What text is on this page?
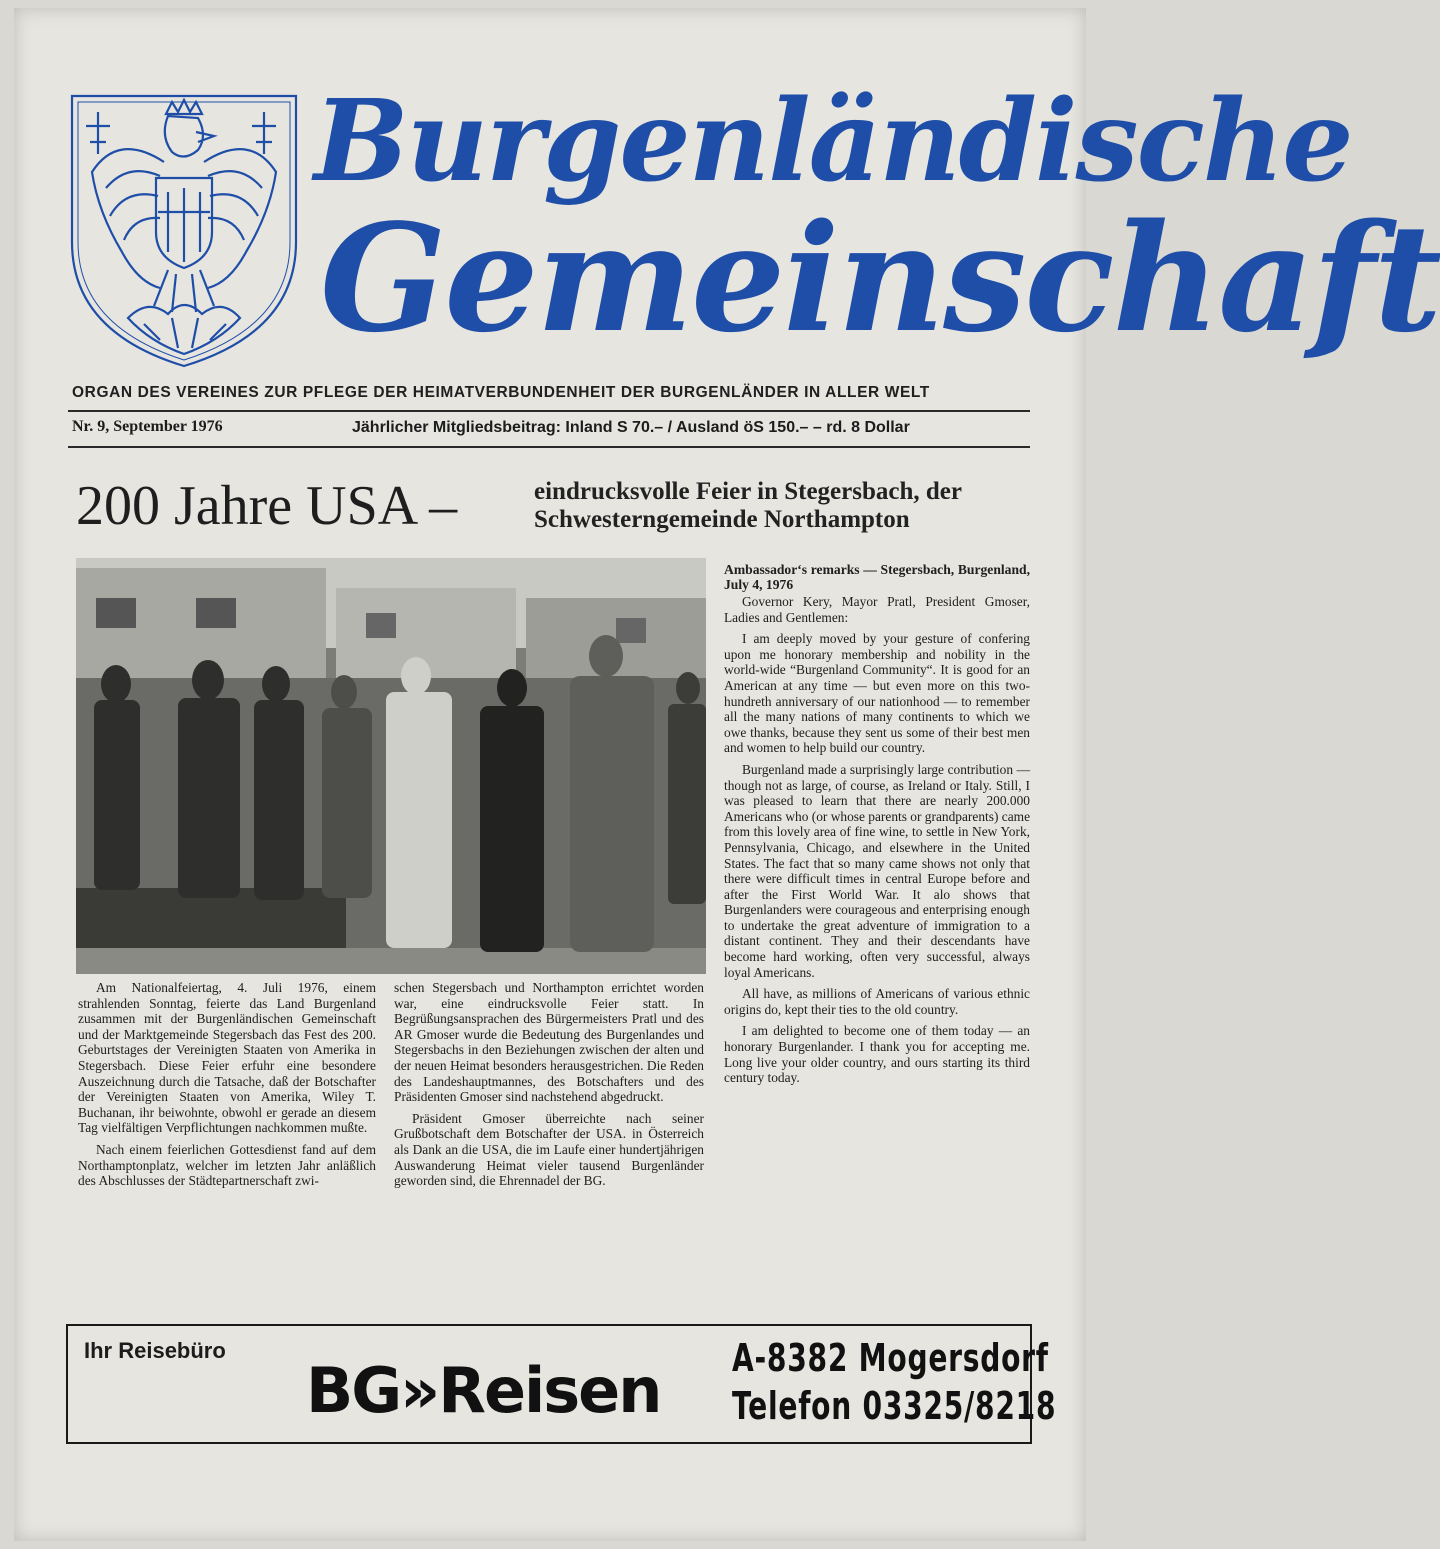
Burgenländische
Gemeinschaft
ORGAN DES VEREINES ZUR PFLEGE DER HEIMATVERBUNDENHEIT DER BURGENLÄNDER IN ALLER WELT
Nr. 9, September 1976	Jährlicher Mitgliedsbeitrag: Inland S 70.– / Ausland öS 150.– – rd. 8 Dollar
200 Jahre USA –	eindrucksvolle Feier in Stegersbach, der
Schwesterngemeinde Northampton

Am Nationalfeiertag, 4. Juli 1976, einem strahlenden Sonntag, feierte das Land Burgenland zusammen mit der Burgenländischen Gemeinschaft und der Marktgemeinde Stegersbach das Fest des 200. Geburtstages der Vereinigten Staaten von Amerika in Stegersbach. Diese Feier erfuhr eine besondere Auszeichnung durch die Tatsache, daß der Botschafter der Vereinigten Staaten von Amerika, Wiley T. Buchanan, ihr beiwohnte, obwohl er gerade an diesem Tag vielfältigen Verpflichtungen nachkommen mußte.

Nach einem feierlichen Gottesdienst fand auf dem Northamptonplatz, welcher im letzten Jahr anläßlich des Abschlusses der Städtepartnerschaft zwi-

schen Stegersbach und Northampton errichtet worden war, eine eindrucksvolle Feier statt. In Begrüßungsansprachen des Bürgermeisters Pratl und des AR Gmoser wurde die Bedeutung des Burgenlandes und Stegersbachs in den Beziehungen zwischen der alten und der neuen Heimat besonders herausgestrichen. Die Reden des Landeshauptmannes, des Botschafters und des Präsidenten Gmoser sind nachstehend abgedruckt.

Präsident Gmoser überreichte nach seiner Grußbotschaft dem Botschafter der USA. in Österreich als Dank an die USA, die im Laufe einer hundertjährigen Auswanderung Heimat vieler tausend Burgenländer geworden sind, die Ehrennadel der BG.

Ambassador‘s remarks — Stegersbach, Burgenland, July 4, 1976

Governor Kery, Mayor Pratl, President Gmoser, Ladies and Gentlemen:

I am deeply moved by your gesture of confering upon me honorary membership and nobility in the world-wide “Burgenland Community“. It is good for an American at any time — but even more on this two-hundreth anniversary of our nationhood — to remember all the many nations of many continents to which we owe thanks, because they sent us some of their best men and women to help build our country.

Burgenland made a surprisingly large contribution — though not as large, of course, as Ireland or Italy. Still, I was pleased to learn that there are nearly 200.000 Americans who (or whose parents or grandparents) came from this lovely area of fine wine, to settle in New York, Pennsylvania, Chicago, and elsewhere in the United States. The fact that so many came shows not only that there were difficult times in central Europe before and after the First World War. It alo shows that Burgenlanders were courageous and enterprising enough to undertake the great adventure of immigration to a distant continent. They and their descendants have become hard working, often very successful, always loyal Americans.

All have, as millions of Americans of various ethnic origins do, kept their ties to the old country.

I am delighted to become one of them today — an honorary Burgenlander. I thank you for accepting me. Long live your older country, and ours starting its third century today.

Ihr Reisebüro
BG»Reisen A-8382 Mogersdorf
Telefon 03325/8218
